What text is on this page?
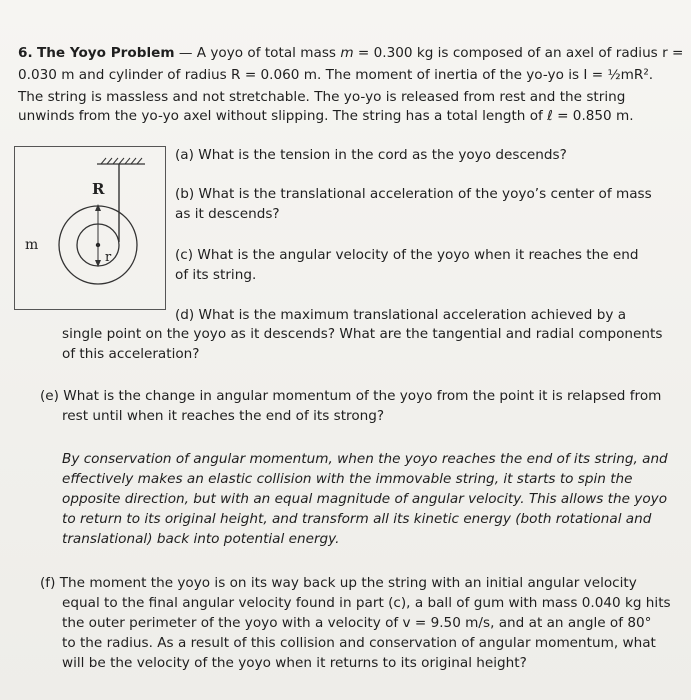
6. The Yoyo Problem — A yoyo of total mass m = 0.300 kg is composed of an axel of radius r =
0.030 m and cylinder of radius R = 0.060 m. The moment of inertia of the yo-yo is I = ½mR².
The string is massless and not stretchable. The yo-yo is released from rest and the string
unwinds from the yo-yo axel without slipping. The string has a total length of ℓ = 0.850 m.
R
m
r
(a) What is the tension in the cord as the yoyo descends?
(b) What is the translational acceleration of the yoyo’s center of mass
as it descends?
(c) What is the angular velocity of the yoyo when it reaches the end
of its string.
(d) What is the maximum translational acceleration achieved by a
single point on the yoyo as it descends? What are the tangential and radial components
of this acceleration?
(e) What is the change in angular momentum of the yoyo from the point it is relapsed from
rest until when it reaches the end of its strong?
By conservation of angular momentum, when the yoyo reaches the end of its string, and
effectively makes an elastic collision with the immovable string, it starts to spin the
opposite direction, but with an equal magnitude of angular velocity. This allows the yoyo
to return to its original height, and transform all its kinetic energy (both rotational and
translational) back into potential energy.
(f) The moment the yoyo is on its way back up the string with an initial angular velocity
equal to the final angular velocity found in part (c), a ball of gum with mass 0.040 kg hits
the outer perimeter of the yoyo with a velocity of v = 9.50 m/s, and at an angle of 80°
to the radius. As a result of this collision and conservation of angular momentum, what
will be the velocity of the yoyo when it returns to its original height?
